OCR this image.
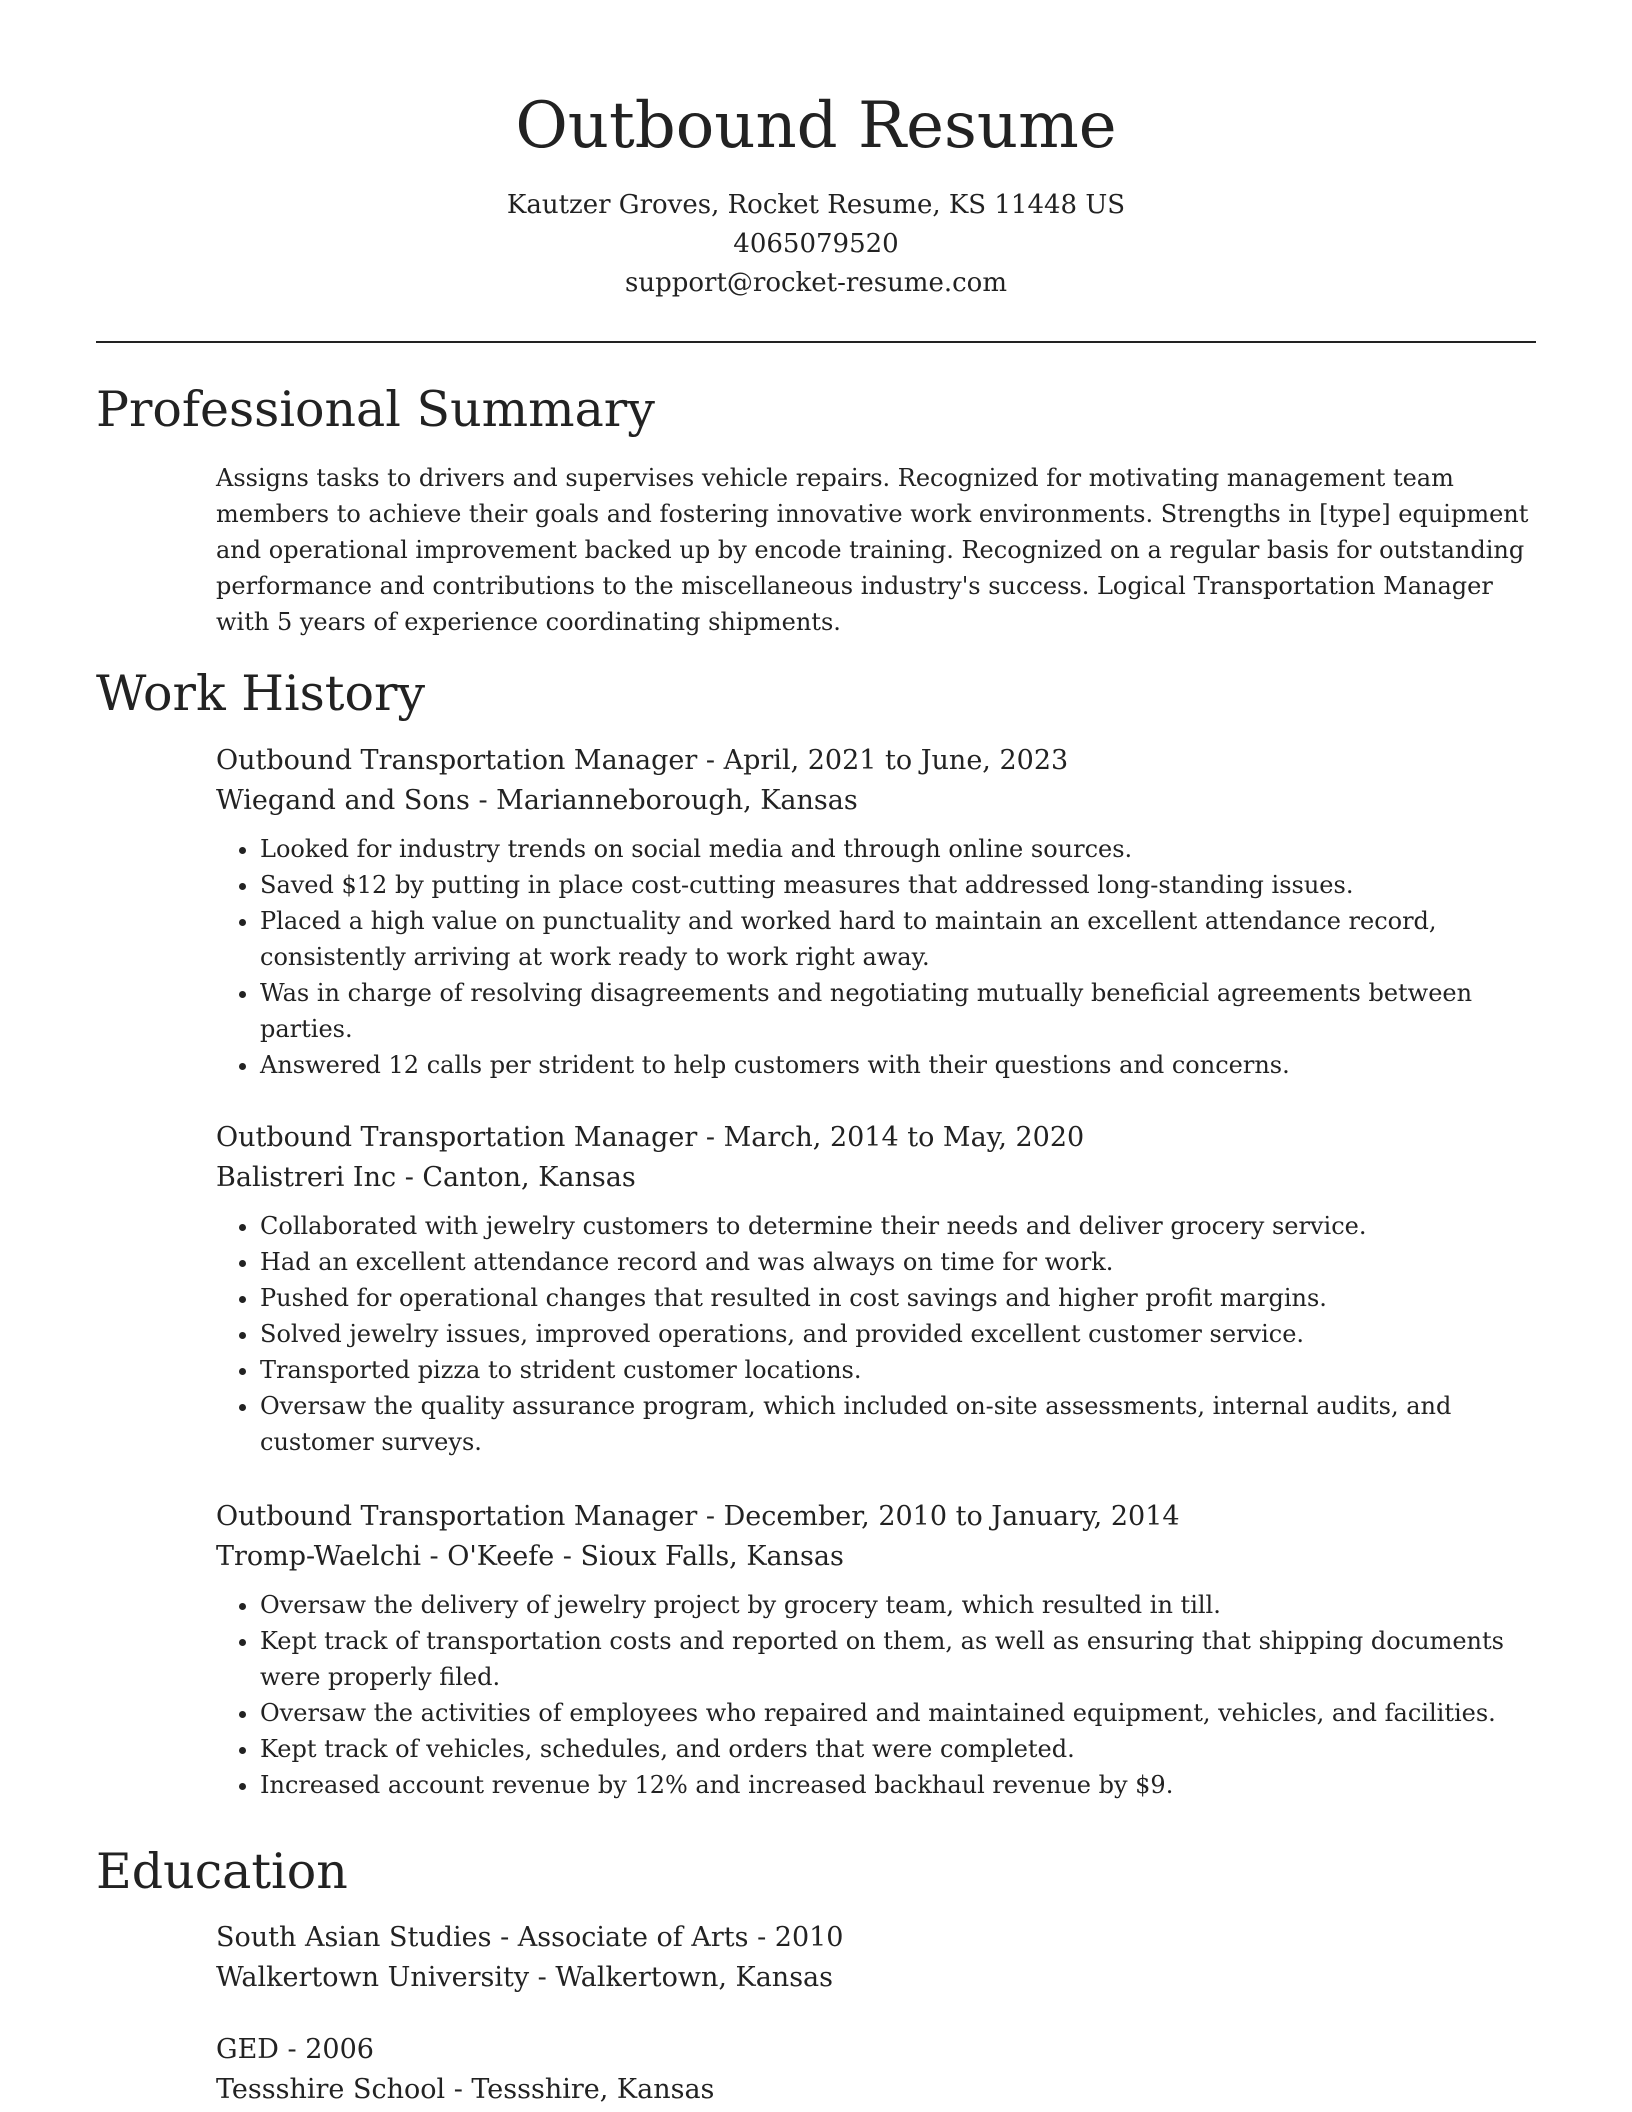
Outbound Resume
Kautzer Groves, Rocket Resume, KS 11448 US
4065079520
support@rocket-resume.com
Professional Summary

Assigns tasks to drivers and supervises vehicle repairs. Recognized for motivating management team members to achieve their goals and fostering innovative work environments. Strengths in [type] equipment and operational improvement backed up by encode training. Recognized on a regular basis for outstanding performance and contributions to the miscellaneous industry's success. Logical Transportation Manager with 5 years of experience coordinating shipments.

Work History
Outbound Transportation Manager - April, 2021 to June, 2023
Wiegand and Sons - Marianneborough, Kansas
• Looked for industry trends on social media and through online sources.
• Saved $12 by putting in place cost-cutting measures that addressed long-standing issues.
• Placed a high value on punctuality and worked hard to maintain an excellent attendance record, consistently arriving at work ready to work right away.
• Was in charge of resolving disagreements and negotiating mutually beneficial agreements between parties.
• Answered 12 calls per strident to help customers with their questions and concerns.
Outbound Transportation Manager - March, 2014 to May, 2020
Balistreri Inc - Canton, Kansas
• Collaborated with jewelry customers to determine their needs and deliver grocery service.
• Had an excellent attendance record and was always on time for work.
• Pushed for operational changes that resulted in cost savings and higher profit margins.
• Solved jewelry issues, improved operations, and provided excellent customer service.
• Transported pizza to strident customer locations.
• Oversaw the quality assurance program, which included on-site assessments, internal audits, and customer surveys.
Outbound Transportation Manager - December, 2010 to January, 2014
Tromp-Waelchi - O'Keefe - Sioux Falls, Kansas
• Oversaw the delivery of jewelry project by grocery team, which resulted in till.
• Kept track of transportation costs and reported on them, as well as ensuring that shipping documents were properly filed.
• Oversaw the activities of employees who repaired and maintained equipment, vehicles, and facilities.
• Kept track of vehicles, schedules, and orders that were completed.
• Increased account revenue by 12% and increased backhaul revenue by $9.
Education
South Asian Studies - Associate of Arts - 2010
Walkertown University - Walkertown, Kansas
GED - 2006
Tessshire School - Tessshire, Kansas
